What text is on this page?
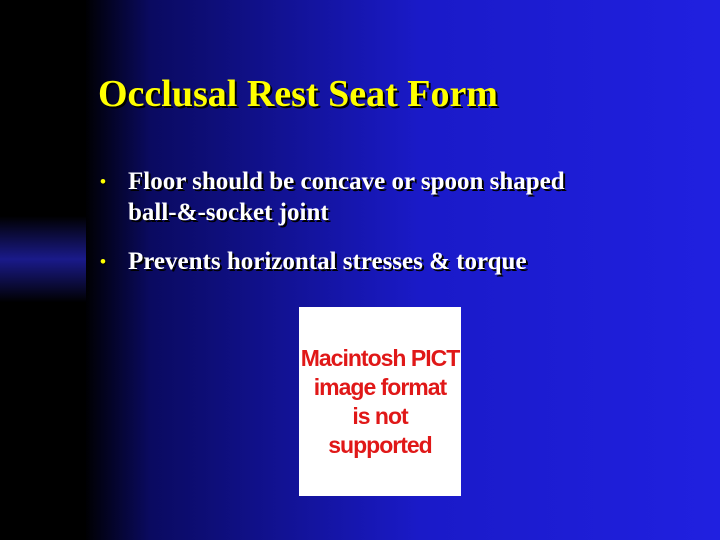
Occlusal Rest Seat Form
• Floor should be concave or spoon shaped
ball-&-socket joint
• Prevents horizontal stresses & torque
Macintosh PICT
image format
is not supported
